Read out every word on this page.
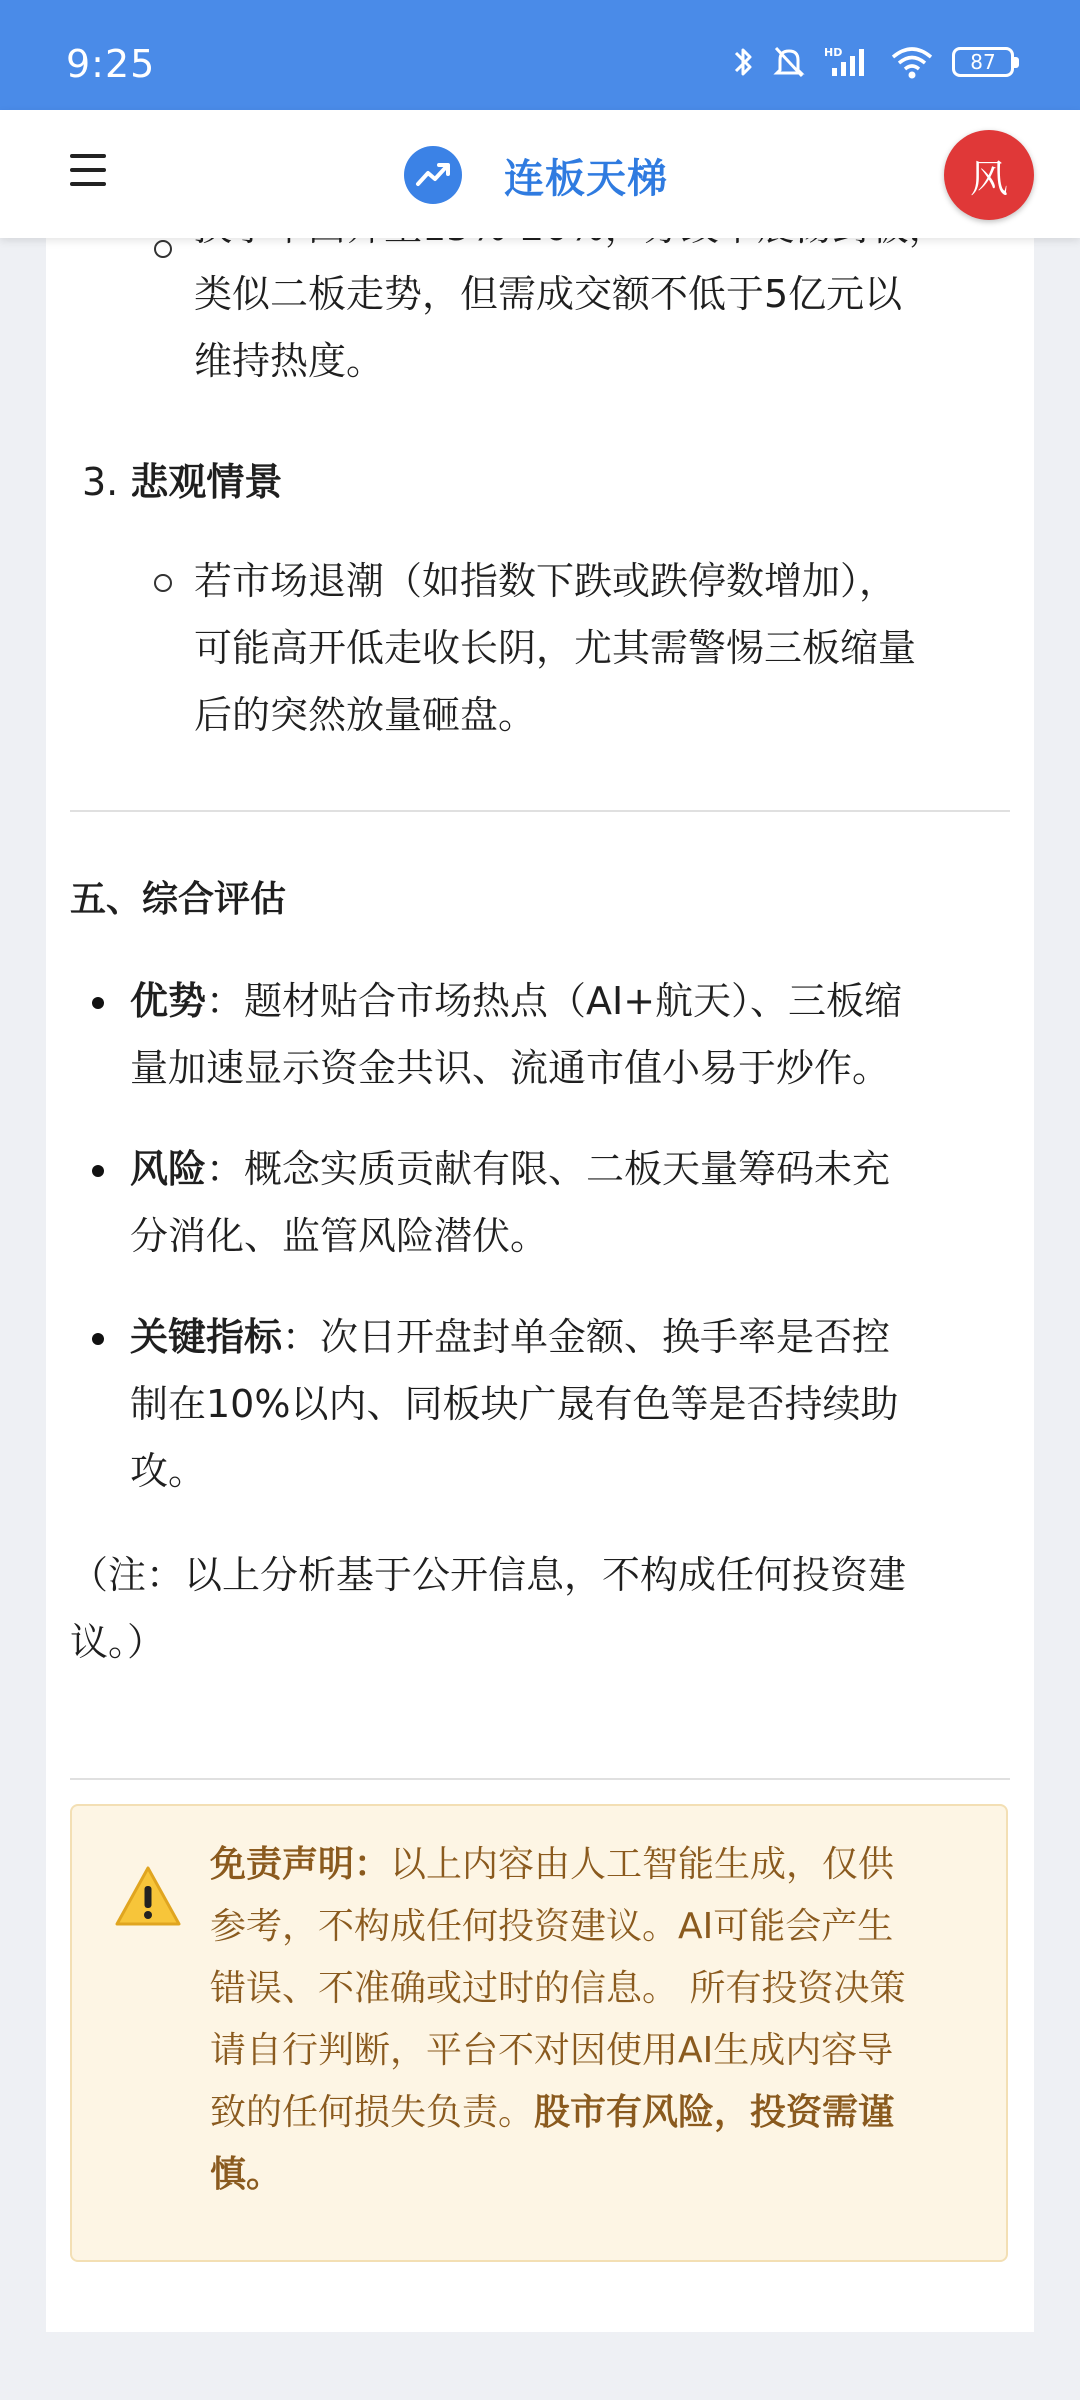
9:25	HD	87
连板天梯	风
类似二板走势，但需成交额不低于5亿元以
维持热度。
3. 悲观情景
若市场退潮（如指数下跌或跌停数增加），
可能高开低走收长阴，尤其需警惕三板缩量
后的突然放量砸盘。
五、综合评估
优势：题材贴合市场热点（AI+航天）、三板缩
量加速显示资金共识、流通市值小易于炒作。
风险：概念实质贡献有限、二板天量筹码未充
分消化、监管风险潜伏。
关键指标：次日开盘封单金额、换手率是否控
制在10%以内、同板块广晟有色等是否持续助
攻。
（注：以上分析基于公开信息，不构成任何投资建
议。）
免责声明：以上内容由人工智能生成，仅供
参考，不构成任何投资建议。AI可能会产生
错误、不准确或过时的信息。 所有投资决策
请自行判断，平台不对因使用AI生成内容导
致的任何损失负责。股市有风险，投资需谨
慎。
